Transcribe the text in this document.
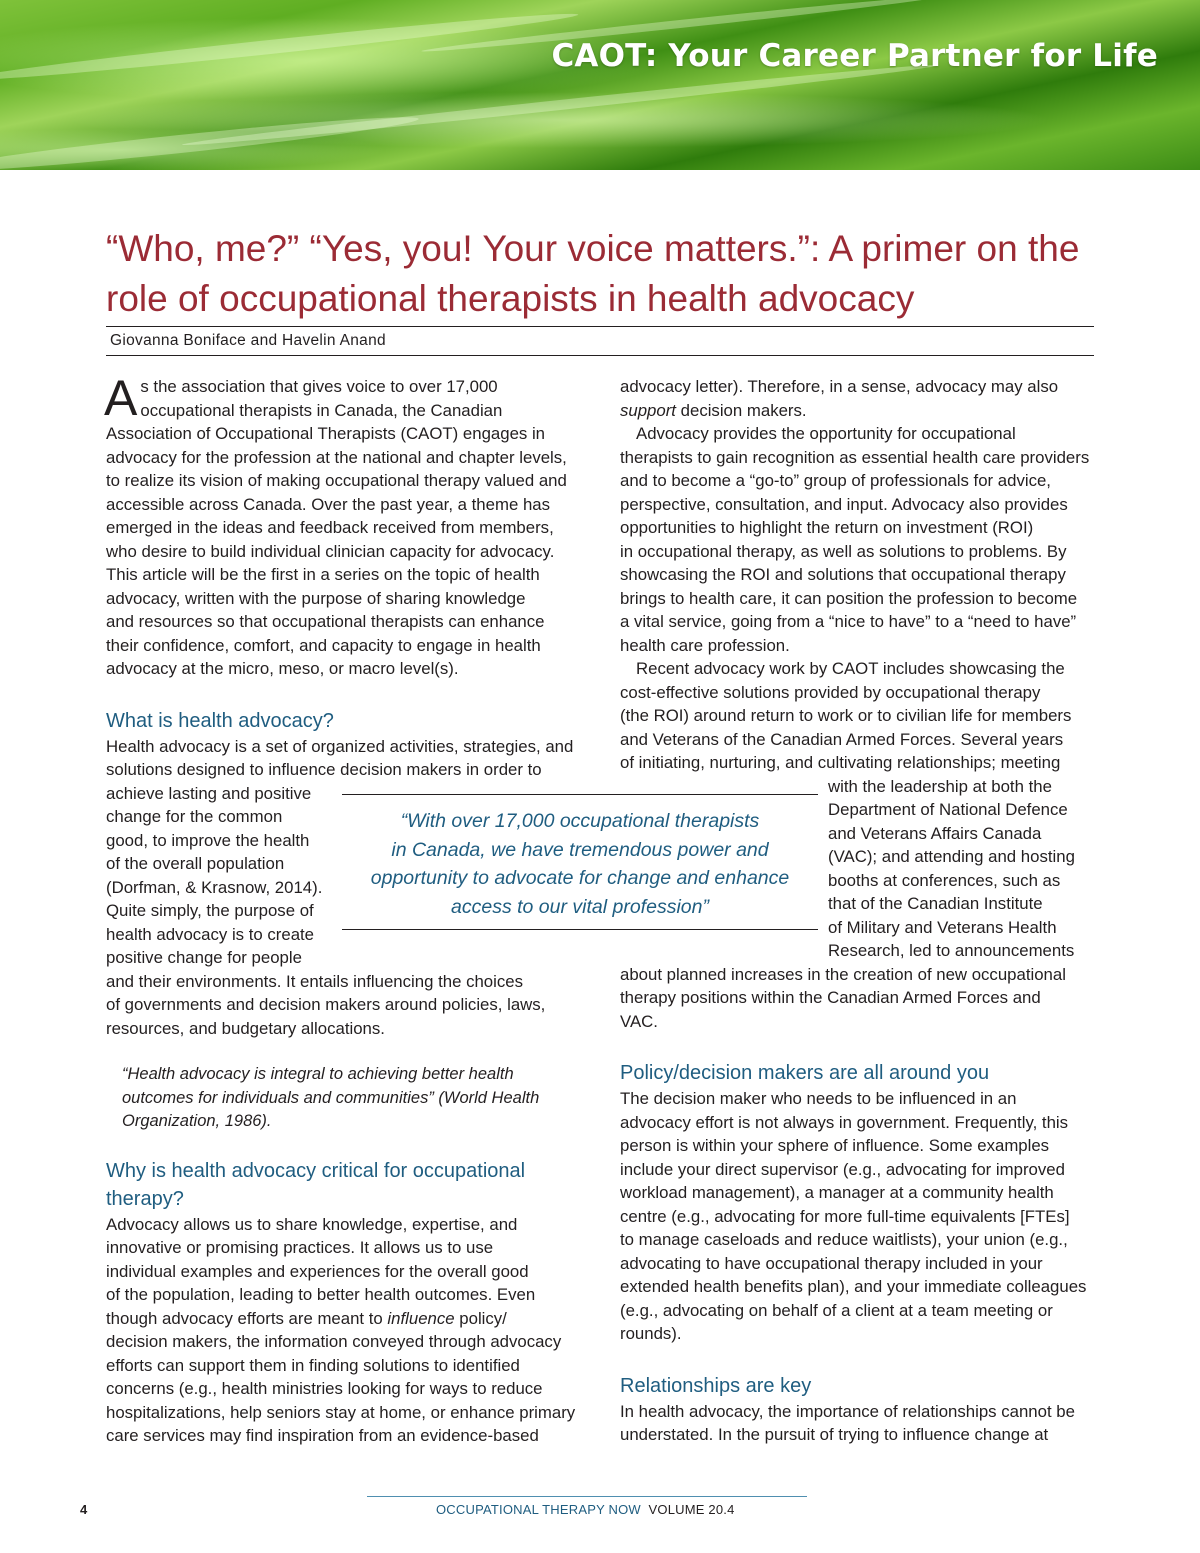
CAOT: Your Career Partner for Life
“Who, me?” “Yes, you! Your voice matters.”: A primer on the
role of occupational therapists in health advocacy

Giovanna Boniface and Havelin Anand

As the association that gives voice to over 17,000
occupational therapists in Canada, the Canadian
Association of Occupational Therapists (CAOT) engages in
advocacy for the profession at the national and chapter levels,
to realize its vision of making occupational therapy valued and
accessible across Canada. Over the past year, a theme has
emerged in the ideas and feedback received from members,
who desire to build individual clinician capacity for advocacy.
This article will be the first in a series on the topic of health
advocacy, written with the purpose of sharing knowledge
and resources so that occupational therapists can enhance
their confidence, comfort, and capacity to engage in health
advocacy at the micro, meso, or macro level(s).

What is health advocacy?

Health advocacy is a set of organized activities, strategies, and
solutions designed to influence decision makers in order to
achieve lasting and positive
change for the common
good, to improve the health
of the overall population
(Dorfman, & Krasnow, 2014).
Quite simply, the purpose of
health advocacy is to create
positive change for people
and their environments. It entails influencing the choices
of governments and decision makers around policies, laws,
resources, and budgetary allocations.

“Health advocacy is integral to achieving better health
outcomes for individuals and communities” (World Health
Organization, 1986).

Why is health advocacy critical for occupational
therapy?

Advocacy allows us to share knowledge, expertise, and
innovative or promising practices. It allows us to use
individual examples and experiences for the overall good
of the population, leading to better health outcomes. Even
though advocacy efforts are meant to influence policy/
decision makers, the information conveyed through advocacy
efforts can support them in finding solutions to identified
concerns (e.g., health ministries looking for ways to reduce
hospitalizations, help seniors stay at home, or enhance primary
care services may find inspiration from an evidence-based

advocacy letter). Therefore, in a sense, advocacy may also
support decision makers.

Advocacy provides the opportunity for occupational
therapists to gain recognition as essential health care providers
and to become a “go-to” group of professionals for advice,
perspective, consultation, and input. Advocacy also provides
opportunities to highlight the return on investment (ROI)
in occupational therapy, as well as solutions to problems. By
showcasing the ROI and solutions that occupational therapy
brings to health care, it can position the profession to become
a vital service, going from a “nice to have” to a “need to have”
health care profession.

Recent advocacy work by CAOT includes showcasing the
cost-effective solutions provided by occupational therapy
(the ROI) around return to work or to civilian life for members
and Veterans of the Canadian Armed Forces. Several years
of initiating, nurturing, and cultivating relationships; meeting

with the leadership at both the
Department of National Defence
and Veterans Affairs Canada
(VAC); and attending and hosting
booths at conferences, such as
that of the Canadian Institute
of Military and Veterans Health
Research, led to announcements

about planned increases in the creation of new occupational
therapy positions within the Canadian Armed Forces and
VAC.

Policy/decision makers are all around you

The decision maker who needs to be influenced in an
advocacy effort is not always in government. Frequently, this
person is within your sphere of influence. Some examples
include your direct supervisor (e.g., advocating for improved
workload management), a manager at a community health
centre (e.g., advocating for more full-time equivalents [FTEs]
to manage caseloads and reduce waitlists), your union (e.g.,
advocating to have occupational therapy included in your
extended health benefits plan), and your immediate colleagues
(e.g., advocating on behalf of a client at a team meeting or
rounds).

Relationships are key

In health advocacy, the importance of relationships cannot be
understated. In the pursuit of trying to influence change at

“With over 17,000 occupational therapists
in Canada, we have tremendous power and
opportunity to advocate for change and enhance
access to our vital profession”

4	OCCUPATIONAL THERAPY NOW VOLUME 20.4
